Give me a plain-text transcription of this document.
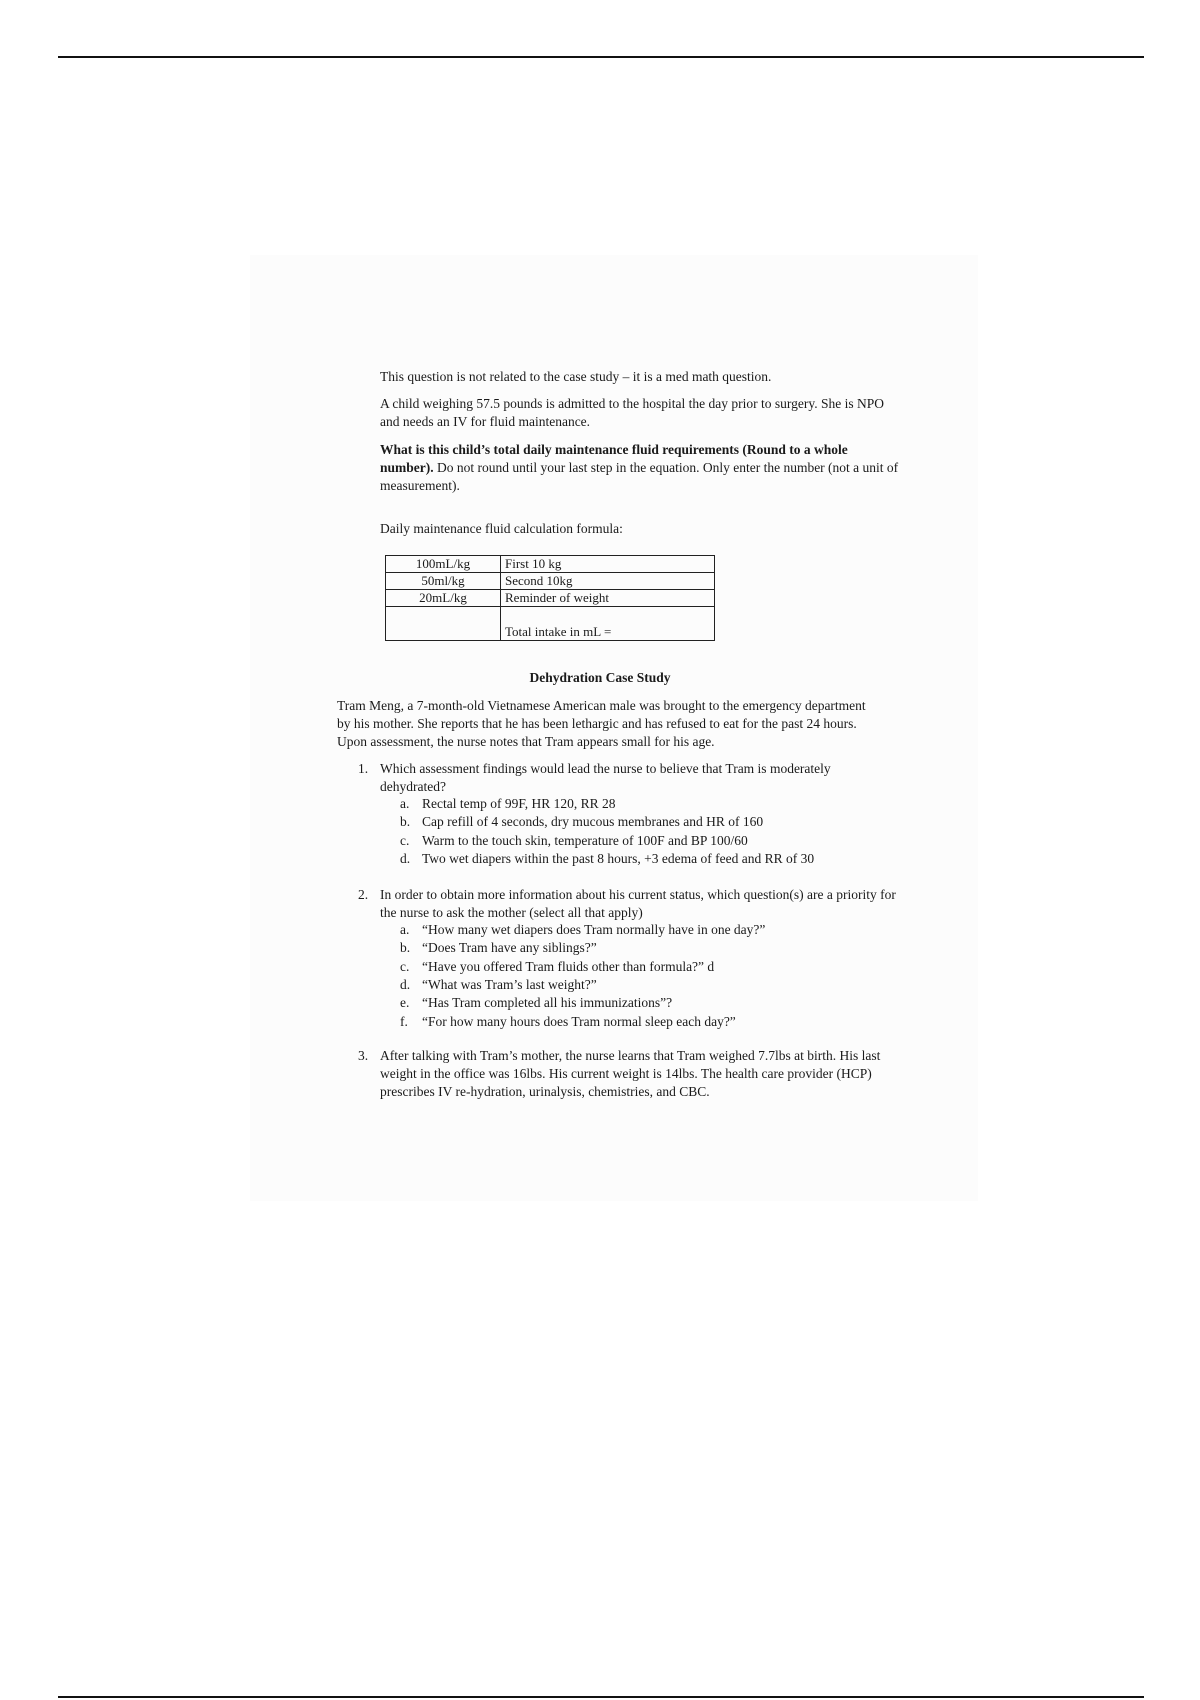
This question is not related to the case study – it is a med math question.

A child weighing 57.5 pounds is admitted to the hospital the day prior to surgery. She is NPO and needs an IV for fluid maintenance.

What is this child’s total daily maintenance fluid requirements (Round to a whole number). Do not round until your last step in the equation. Only enter the number (not a unit of measurement).

Daily maintenance fluid calculation formula:

100mL/kg	First 10 kg
50ml/kg	Second 10kg
20mL/kg	Reminder of weight
	Total intake in mL =
Dehydration Case Study

Tram Meng, a 7-month-old Vietnamese American male was brought to the emergency department by his mother. She reports that he has been lethargic and has refused to eat for the past 24 hours. Upon assessment, the nurse notes that Tram appears small for his age.

1. Which assessment findings would lead the nurse to believe that Tram is moderately dehydrated?
a. Rectal temp of 99F, HR 120, RR 28
b. Cap refill of 4 seconds, dry mucous membranes and HR of 160
c. Warm to the touch skin, temperature of 100F and BP 100/60
d. Two wet diapers within the past 8 hours, +3 edema of feed and RR of 30
2. In order to obtain more information about his current status, which question(s) are a priority for the nurse to ask the mother (select all that apply)
a. “How many wet diapers does Tram normally have in one day?”
b. “Does Tram have any siblings?”
c. “Have you offered Tram fluids other than formula?” d
d. “What was Tram’s last weight?”
e. “Has Tram completed all his immunizations”?
f. “For how many hours does Tram normal sleep each day?”
3. After talking with Tram’s mother, the nurse learns that Tram weighed 7.7lbs at birth. His last weight in the office was 16lbs. His current weight is 14lbs. The health care provider (HCP) prescribes IV re-hydration, urinalysis, chemistries, and CBC.
